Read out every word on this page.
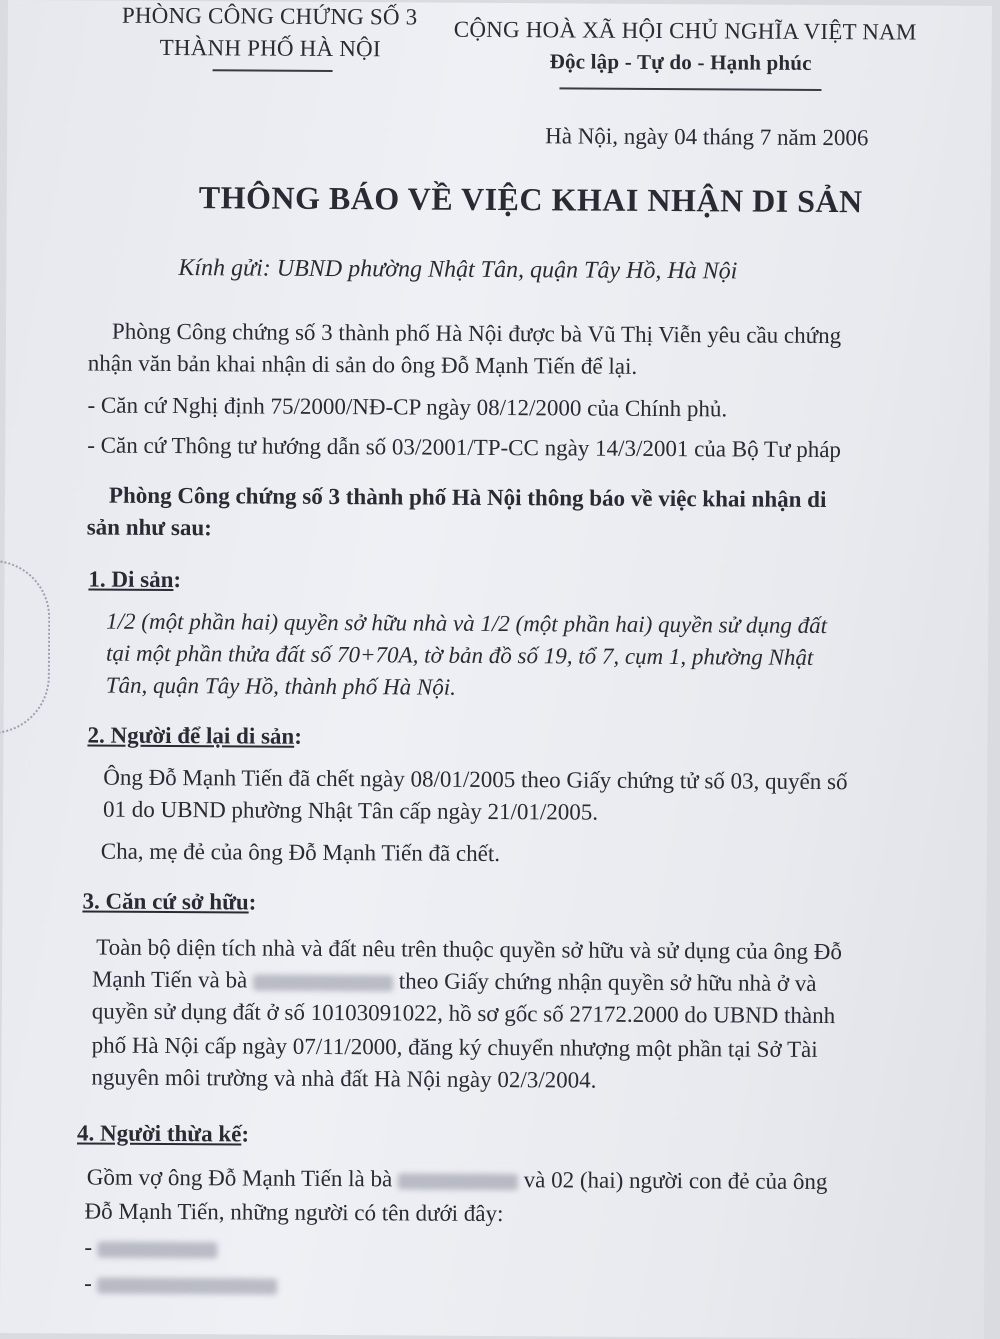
PHÒNG CÔNG CHỨNG SỐ 3
THÀNH PHỐ HÀ NỘI
CỘNG HOÀ XÃ HỘI CHỦ NGHĨA VIỆT NAM
Độc lập - Tự do - Hạnh phúc
Hà Nội, ngày 04 tháng 7 năm 2006
THÔNG BÁO VỀ VIỆC KHAI NHẬN DI SẢN
Kính gửi: UBND phường Nhật Tân, quận Tây Hồ, Hà Nội
Phòng Công chứng số 3 thành phố Hà Nội được bà Vũ Thị Viễn yêu cầu chứng
nhận văn bản khai nhận di sản do ông Đỗ Mạnh Tiến để lại.
- Căn cứ Nghị định 75/2000/NĐ-CP ngày 08/12/2000 của Chính phủ.
- Căn cứ Thông tư hướng dẫn số 03/2001/TP-CC ngày 14/3/2001 của Bộ Tư pháp
Phòng Công chứng số 3 thành phố Hà Nội thông báo về việc khai nhận di
sản như sau:
1. Di sản:
1/2 (một phần hai) quyền sở hữu nhà và 1/2 (một phần hai) quyền sử dụng đất
tại một phần thửa đất số 70+70A, tờ bản đồ số 19, tổ 7, cụm 1, phường Nhật
Tân, quận Tây Hồ, thành phố Hà Nội.
2. Người để lại di sản:
Ông Đỗ Mạnh Tiến đã chết ngày 08/01/2005 theo Giấy chứng tử số 03, quyển số
01 do UBND phường Nhật Tân cấp ngày 21/01/2005.
Cha, mẹ đẻ của ông Đỗ Mạnh Tiến đã chết.
3. Căn cứ sở hữu:
Toàn bộ diện tích nhà và đất nêu trên thuộc quyền sở hữu và sử dụng của ông Đỗ
Mạnh Tiến và bà	theo Giấy chứng nhận quyền sở hữu nhà ở và
quyền sử dụng đất ở số 10103091022, hồ sơ gốc số 27172.2000 do UBND thành
phố Hà Nội cấp ngày 07/11/2000, đăng ký chuyển nhượng một phần tại Sở Tài
nguyên môi trường và nhà đất Hà Nội ngày 02/3/2004.
4. Người thừa kế:
Gồm vợ ông Đỗ Mạnh Tiến là bà	và 02 (hai) người con đẻ của ông
Đỗ Mạnh Tiến, những người có tên dưới đây:
-
-
